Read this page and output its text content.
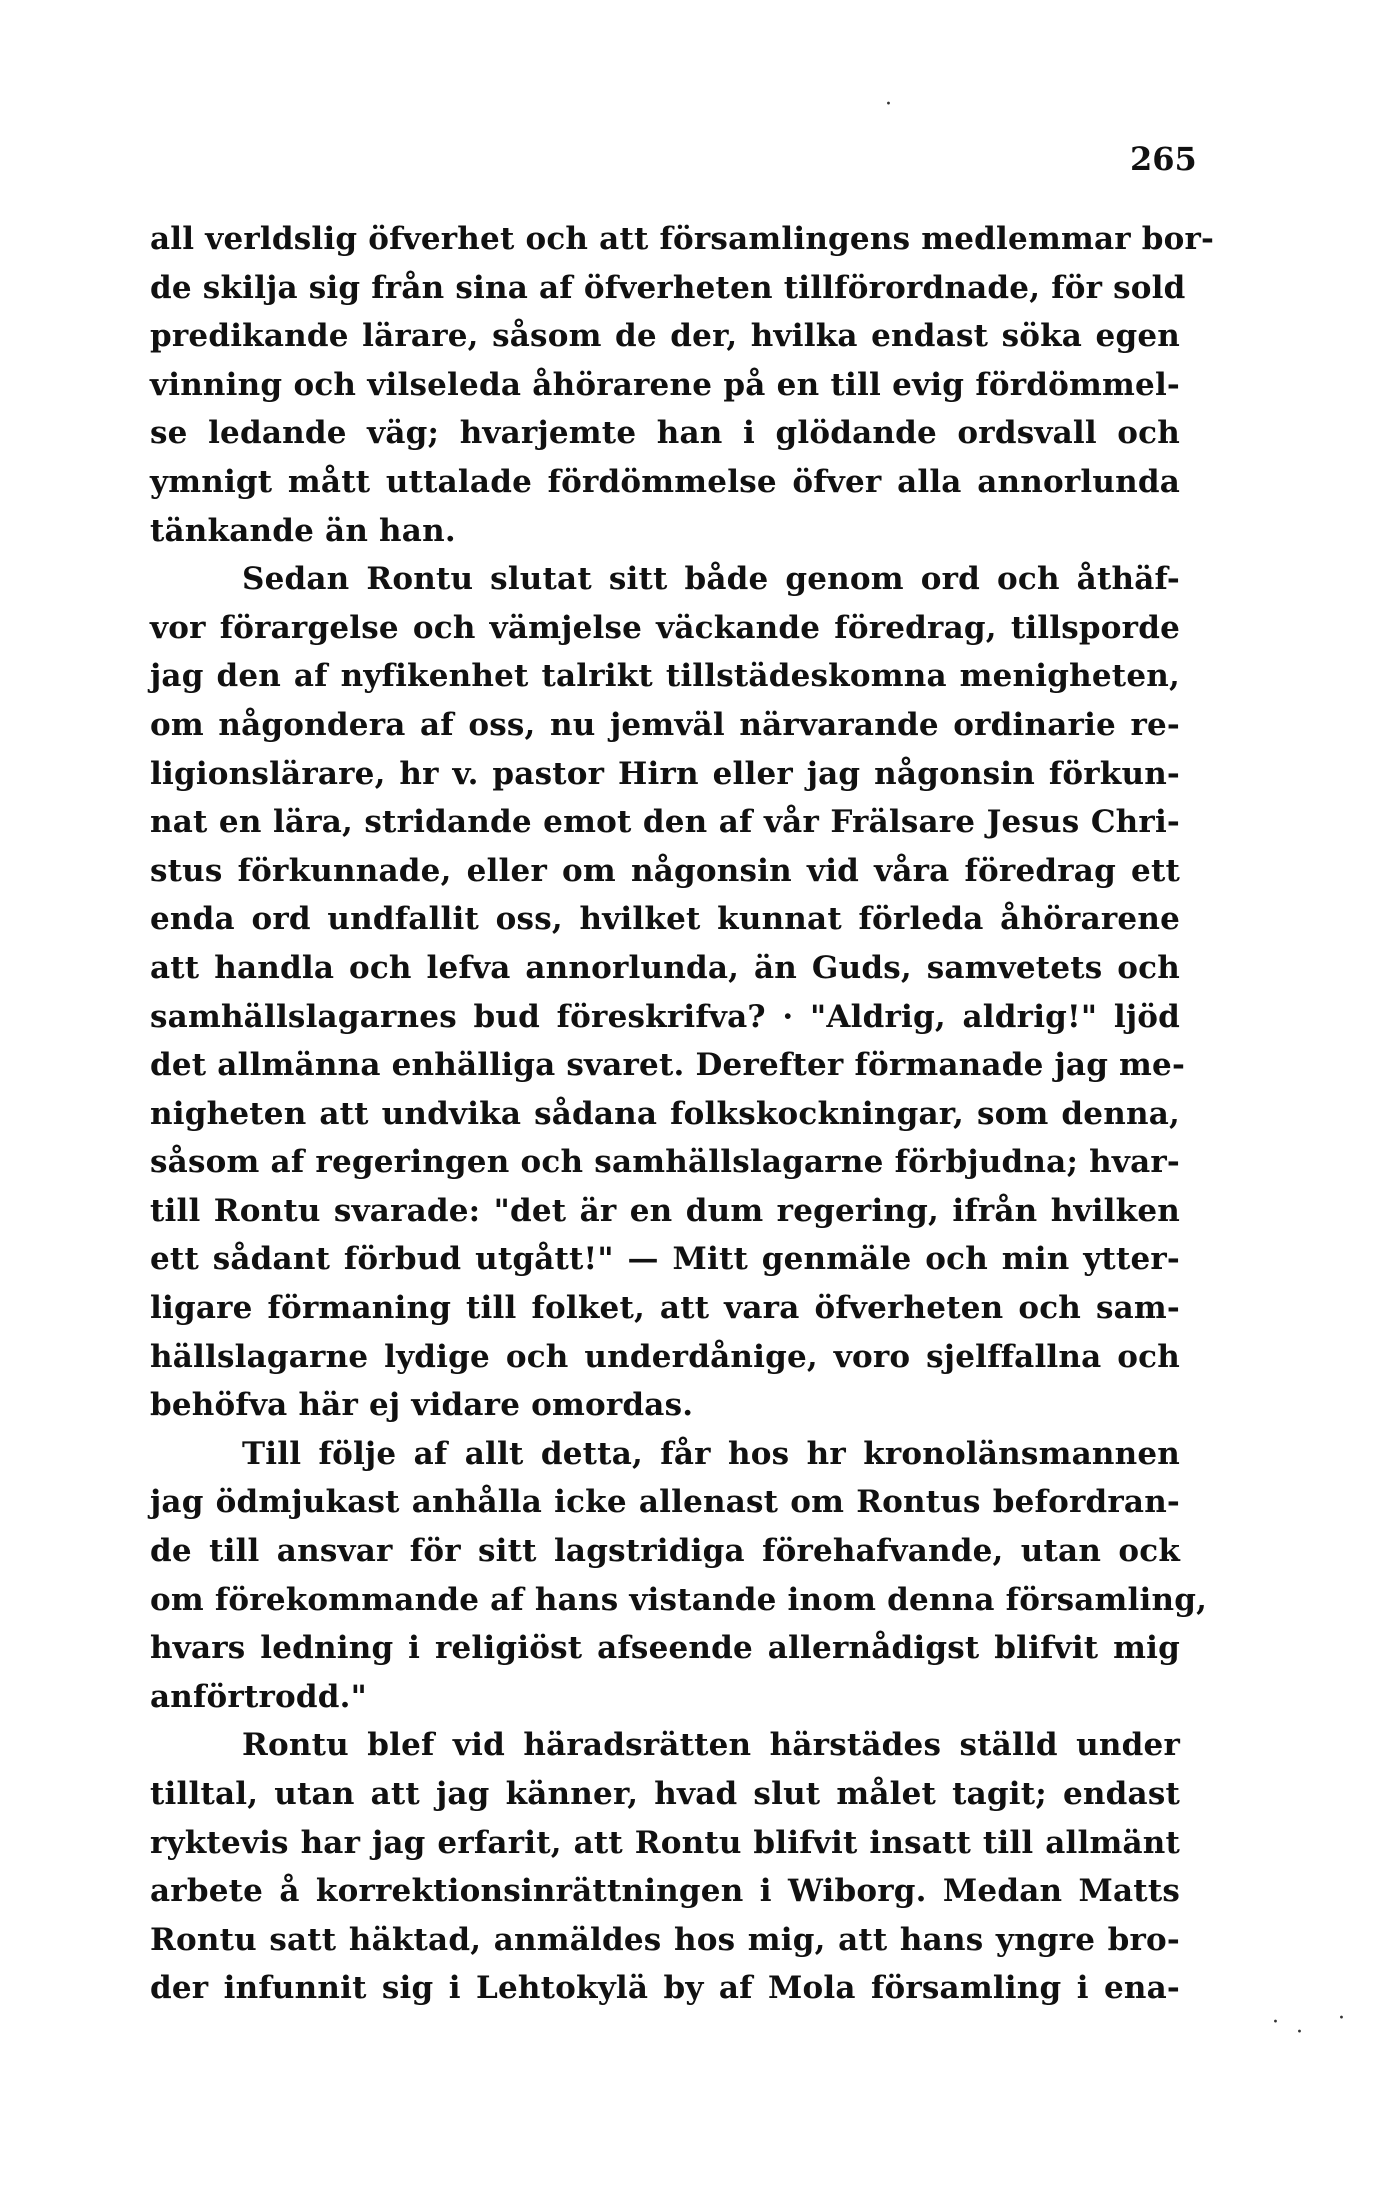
265
all verldslig öfverhet och att församlingens medlemmar bor-
de skilja sig från sina af öfverheten tillförordnade, för sold
predikande lärare, såsom de der, hvilka endast söka egen
vinning och vilseleda åhörarene på en till evig fördömmel-
se ledande väg; hvarjemte han i glödande ordsvall och
ymnigt mått uttalade fördömmelse öfver alla annorlunda
tänkande än han.
Sedan Rontu slutat sitt både genom ord och åthäf-
vor förargelse och vämjelse väckande föredrag, tillsporde
jag den af nyfikenhet talrikt tillstädeskomna menigheten,
om någondera af oss, nu jemväl närvarande ordinarie re-
ligionslärare, hr v. pastor Hirn eller jag någonsin förkun-
nat en lära, stridande emot den af vår Frälsare Jesus Chri-
stus förkunnade, eller om någonsin vid våra föredrag ett
enda ord undfallit oss, hvilket kunnat förleda åhörarene
att handla och lefva annorlunda, än Guds, samvetets och
samhällslagarnes bud föreskrifva? · "Aldrig, aldrig!" ljöd
det allmänna enhälliga svaret. Derefter förmanade jag me-
nigheten att undvika sådana folkskockningar, som denna,
såsom af regeringen och samhällslagarne förbjudna; hvar-
till Rontu svarade: "det är en dum regering, ifrån hvilken
ett sådant förbud utgått!" — Mitt genmäle och min ytter-
ligare förmaning till folket, att vara öfverheten och sam-
hällslagarne lydige och underdånige, voro sjelffallna och
behöfva här ej vidare omordas.
Till följe af allt detta, får hos hr kronolänsmannen
jag ödmjukast anhålla icke allenast om Rontus befordran-
de till ansvar för sitt lagstridiga förehafvande, utan ock
om förekommande af hans vistande inom denna församling,
hvars ledning i religiöst afseende allernådigst blifvit mig
anförtrodd."
Rontu blef vid häradsrätten härstädes ställd under
tilltal, utan att jag känner, hvad slut målet tagit; endast
ryktevis har jag erfarit, att Rontu blifvit insatt till allmänt
arbete å korrektionsinrättningen i Wiborg. Medan Matts
Rontu satt häktad, anmäldes hos mig, att hans yngre bro-
der infunnit sig i Lehtokylä by af Mola församling i ena-
·
· ·
·
